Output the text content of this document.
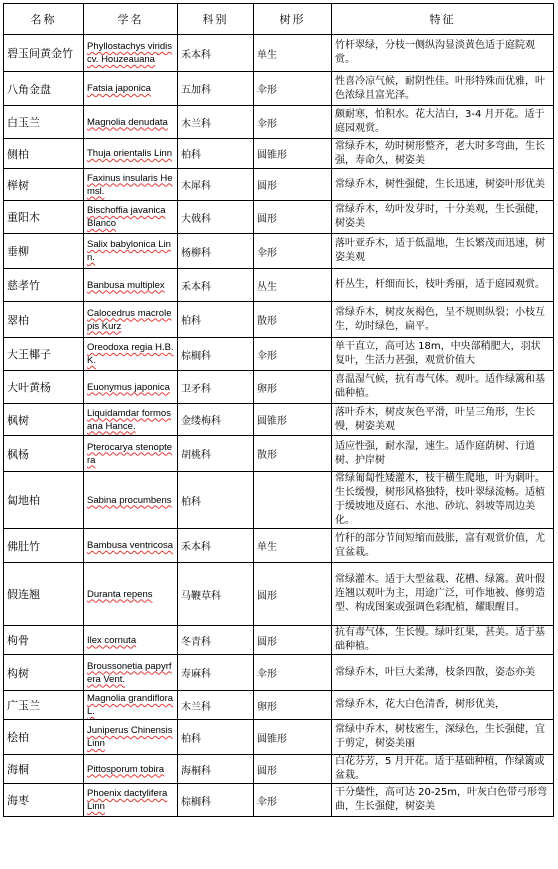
名称	学名	科别	树形	特征
碧玉间黄金竹	Phyllostachys viridis cv. Houzeauana	禾本科	单生	竹杆翠绿，分枝一侧纵沟显淡黄色适于庭院观赏。
八角金盘	Fatsia japonica	五加科	伞形	性喜冷凉气候，耐阴性佳。叶形特殊而优雅，叶色浓绿且富光泽。
白玉兰	Magnolia denudata	木兰科	伞形	颇耐寒，怕积水。花大洁白，3-4 月开花。适于庭园观赏。
侧柏	Thuja orientalis Linn	柏科	圆锥形	常绿乔木，幼时树形整齐，老大时多弯曲，生长强，寿命久，树姿美
榉树	Faxinus insularis Hemsl.	木犀科	圆形	常绿乔木，树性强健，生长迅速，树姿叶形优美
重阳木	Bischoffia javanica Blanco	大戟科	圆形	常绿乔木，幼叶发芽时，十分美观，生长强健，树姿美
垂柳	Salix babylonica Linn.	杨柳科	伞形	落叶亚乔木，适于低温地，生长繁茂而迅速，树姿美观
慈孝竹	Banbusa multiplex	禾本科	丛生	杆丛生，杆细而长，枝叶秀丽，适于庭园观赏。
翠柏	Calocedrus macrolepis Kurz	柏科	散形	常绿乔木，树皮灰褐色，呈不规则纵裂；小枝互生，幼时绿色，扁平。
大王椰子	Oreodoxa regia H.B.K.	棕榈科	伞形	单干直立，高可达 18m，中央部稍肥大，羽状复叶，生活力甚强，观赏价值大
大叶黄杨	Euonymus japonica	卫矛科	卵形	喜温湿气候，抗有毒气体。观叶。适作绿篱和基础种植。
枫树	Liquidamdar formosana Hance.	金缕梅科	圆锥形	落叶乔木，树皮灰色平滑，叶呈三角形，生长慢，树姿美观
枫杨	Pterocarya stenoptera	胡桃科	散形	适应性强，耐水湿，速生。适作庭荫树、行道树、护岸树
匐地柏	Sabina procumbens	柏科		常绿匍匐性矮灌木，枝干横生爬地，叶为刺叶。生长缓慢，树形风格独特，枝叶翠绿流畅。适植于缓坡地及庭石、水池、砂坑、斜坡等周边美化。
佛肚竹	Bambusa ventricosa	禾本科	单生	竹秆的部分节间短缩而鼓胀，富有观赏价值，尤宜盆栽。
假连翘	Duranta repens	马鞭草科	圆形	常绿灌木。适于大型盆栽、花槽、绿篱。黄叶假连翘以观叶为主，用途广泛，可作地被、修剪造型、构成图案或强调色彩配植，耀眼醒目。
枸骨	Ilex cornuta	冬青科	圆形	抗有毒气体，生长慢。绿叶红果，甚美。适于基础种植。
构树	Broussonetia papyrfera Vent.	寿麻科	伞形	常绿乔木，叶巨大柔薄，枝条四散，姿态亦美
广玉兰	Magnolia grandiflora L.	木兰科	卵形	常绿乔木，花大白色清香，树形优美，
桧柏	Juniperus Chinensis Linn	柏科	圆锥形	常绿中乔木，树枝密生，深绿色，生长强健，宜于剪定，树姿美丽
海桐	Pittosporum tobira	海桐科	圆形	白花芬芳，5 月开花。适于基础种植，作绿篱或盆栽。
海枣	Phoenix dactylifera Linn	棕榈科	伞形	干分蘖性，高可达 20-25m，叶灰白色带弓形弯曲，生长强健，树姿美
